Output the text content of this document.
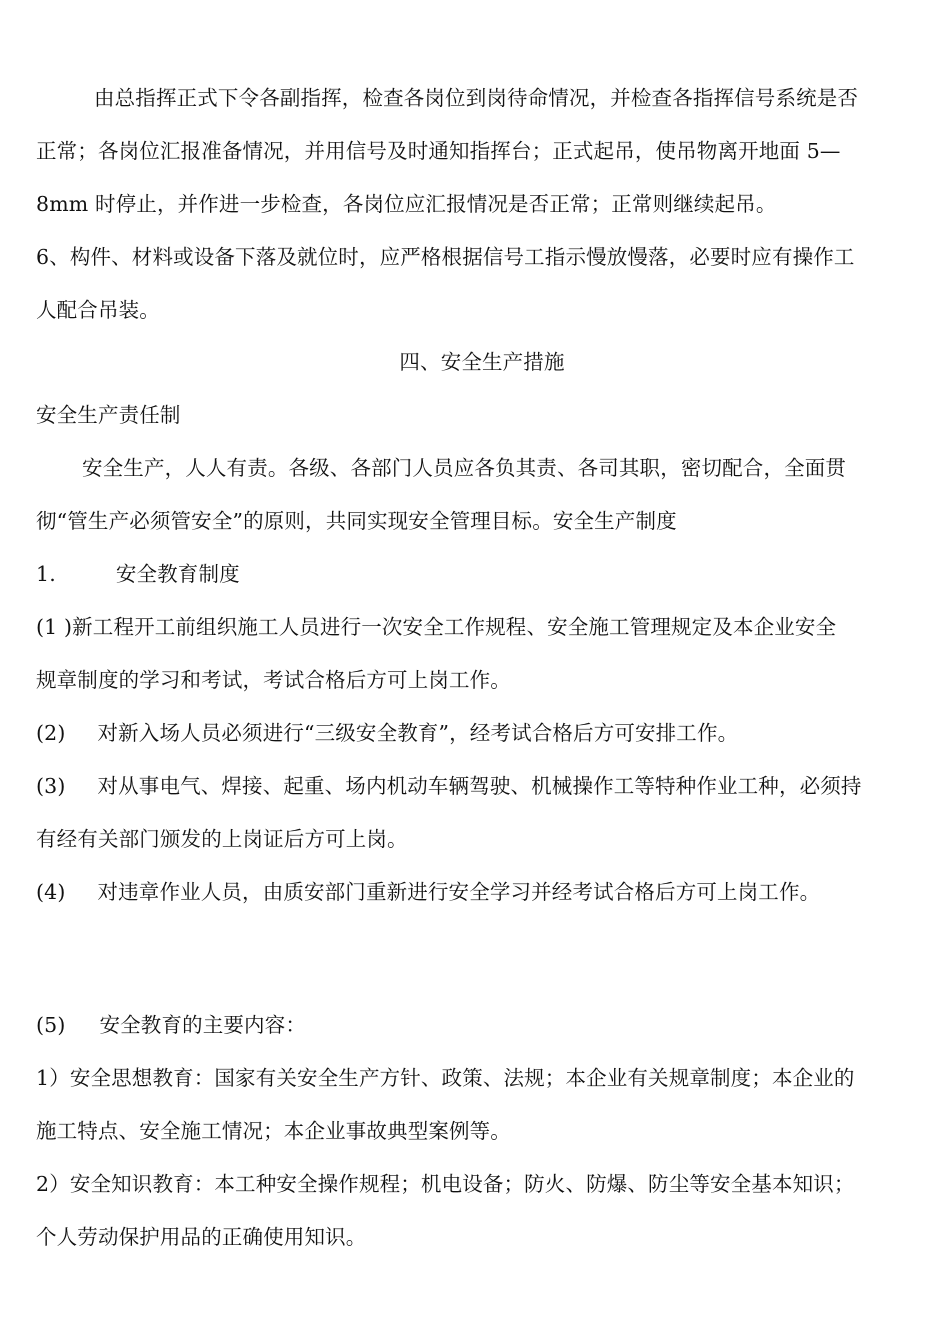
由总指挥正式下令各副指挥，检查各岗位到岗待命情况，并检查各指挥信号系统是否
正常；各岗位汇报准备情况，并用信号及时通知指挥台；正式起吊，使吊物离开地面 5—
8mm 时停止，并作进一步检查，各岗位应汇报情况是否正常；正常则继续起吊。
6、构件、材料或设备下落及就位时，应严格根据信号工指示慢放慢落，必要时应有操作工
人配合吊装。
四、安全生产措施
安全生产责任制
安全生产，人人有责。各级、各部门人员应各负其责、各司其职，密切配合，全面贯
彻“管生产必须管安全”的原则，共同实现安全管理目标。安全生产制度
1.	安全教育制度
(1 )新工程开工前组织施工人员进行一次安全工作规程、安全施工管理规定及本企业安全
规章制度的学习和考试，考试合格后方可上岗工作。
(2) 对新入场人员必须进行“三级安全教育”，经考试合格后方可安排工作。
(3) 对从事电气、焊接、起重、场内机动车辆驾驶、机械操作工等特种作业工种，必须持
有经有关部门颁发的上岗证后方可上岗。
(4) 对违章作业人员，由质安部门重新进行安全学习并经考试合格后方可上岗工作。
(5) 安全教育的主要内容：
1）安全思想教育：国家有关安全生产方针、政策、法规；本企业有关规章制度；本企业的
施工特点、安全施工情况；本企业事故典型案例等。
2）安全知识教育：本工种安全操作规程；机电设备；防火、防爆、防尘等安全基本知识；
个人劳动保护用品的正确使用知识。
